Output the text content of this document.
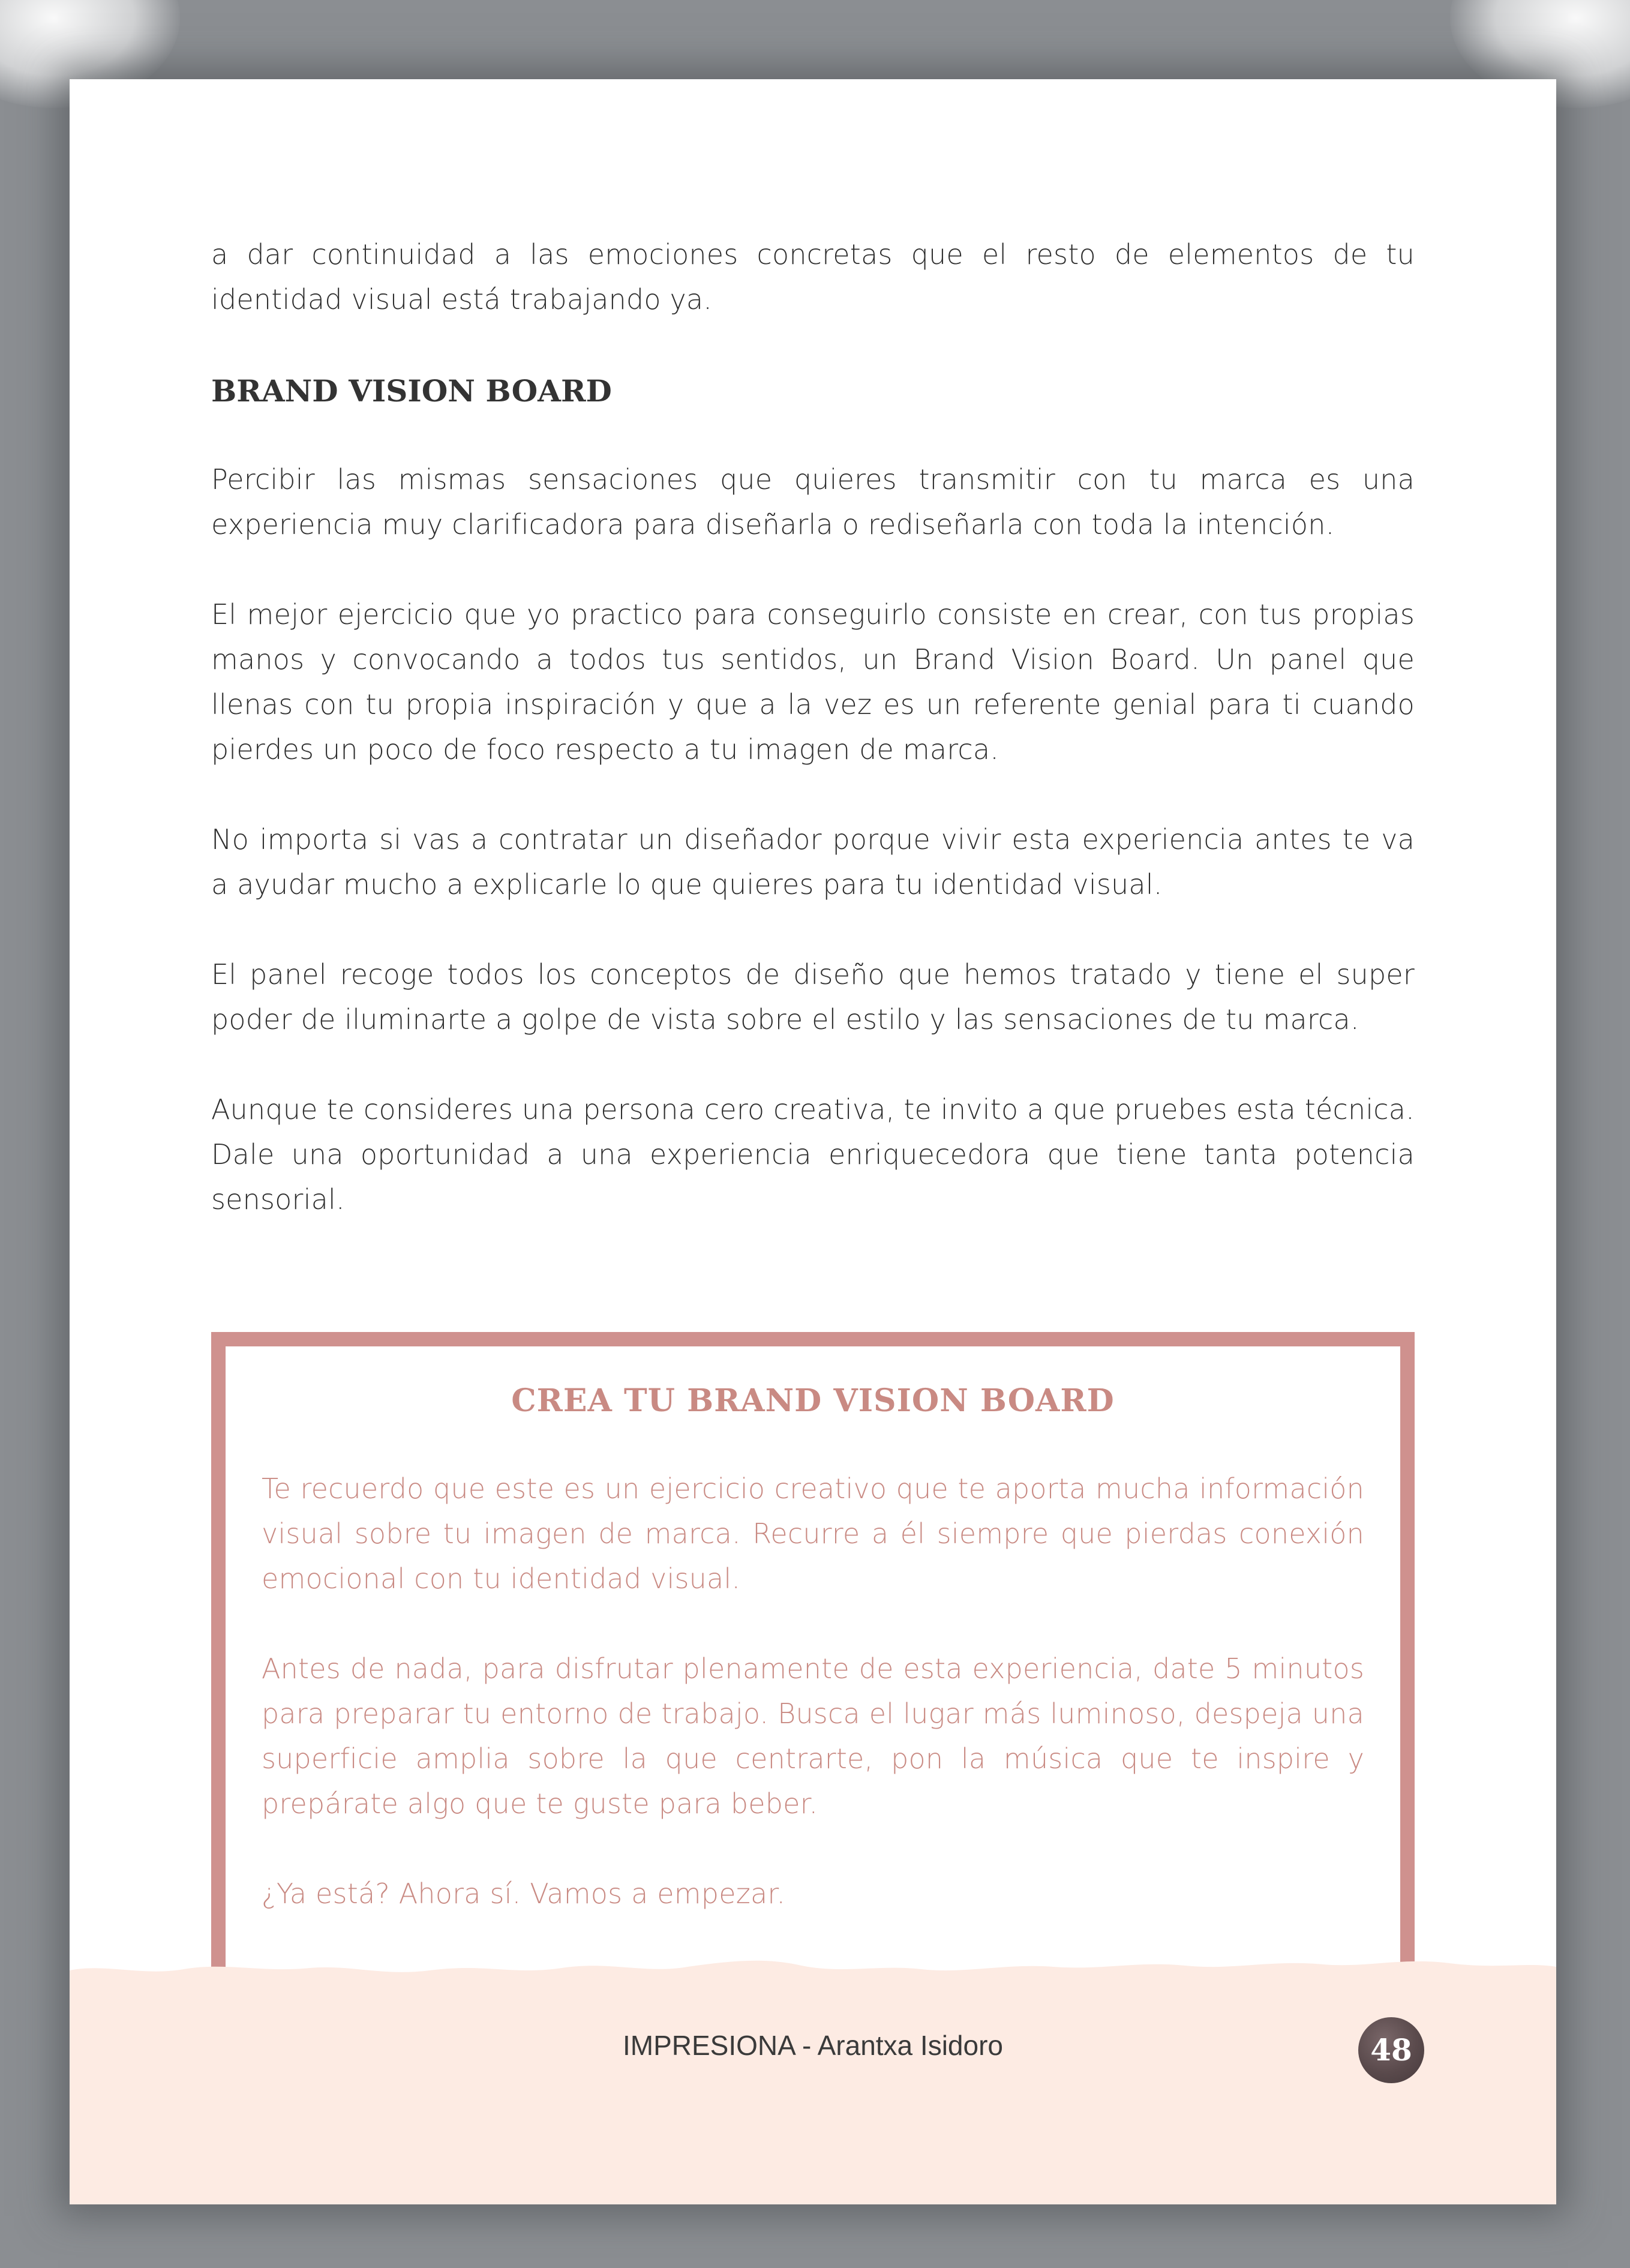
a dar continuidad a las emociones concretas que el resto de elementos de tu identidad visual está trabajando ya.

BRAND VISION BOARD

Percibir las mismas sensaciones que quieres transmitir con tu marca es una experiencia muy clarificadora para diseñarla o rediseñarla con toda la intención.

El mejor ejercicio que yo practico para conseguirlo consiste en crear, con tus propias manos y convocando a todos tus sentidos, un Brand Vision Board. Un panel que llenas con tu propia inspiración y que a la vez es un referente genial para ti cuando pierdes un poco de foco respecto a tu imagen de marca.

No importa si vas a contratar un diseñador porque vivir esta experiencia antes te va a ayudar mucho a explicarle lo que quieres para tu identidad visual.

El panel recoge todos los conceptos de diseño que hemos tratado y tiene el super poder de iluminarte a golpe de vista sobre el estilo y las sensaciones de tu marca.

Aunque te consideres una persona cero creativa, te invito a que pruebes esta técnica. Dale una oportunidad a una experiencia enriquecedora que tiene tanta potencia sensorial.

CREA TU BRAND VISION BOARD

Te recuerdo que este es un ejercicio creativo que te aporta mucha información visual sobre tu imagen de marca. Recurre a él siempre que pierdas conexión emocional con tu identidad visual.

Antes de nada, para disfrutar plenamente de esta experiencia, date 5 minutos para preparar tu entorno de trabajo. Busca el lugar más luminoso, despeja una superficie amplia sobre la que centrarte, pon la música que te inspire y prepárate algo que te guste para beber.

¿Ya está? Ahora sí. Vamos a empezar.

IMPRESIONA - Arantxa Isidoro	48
